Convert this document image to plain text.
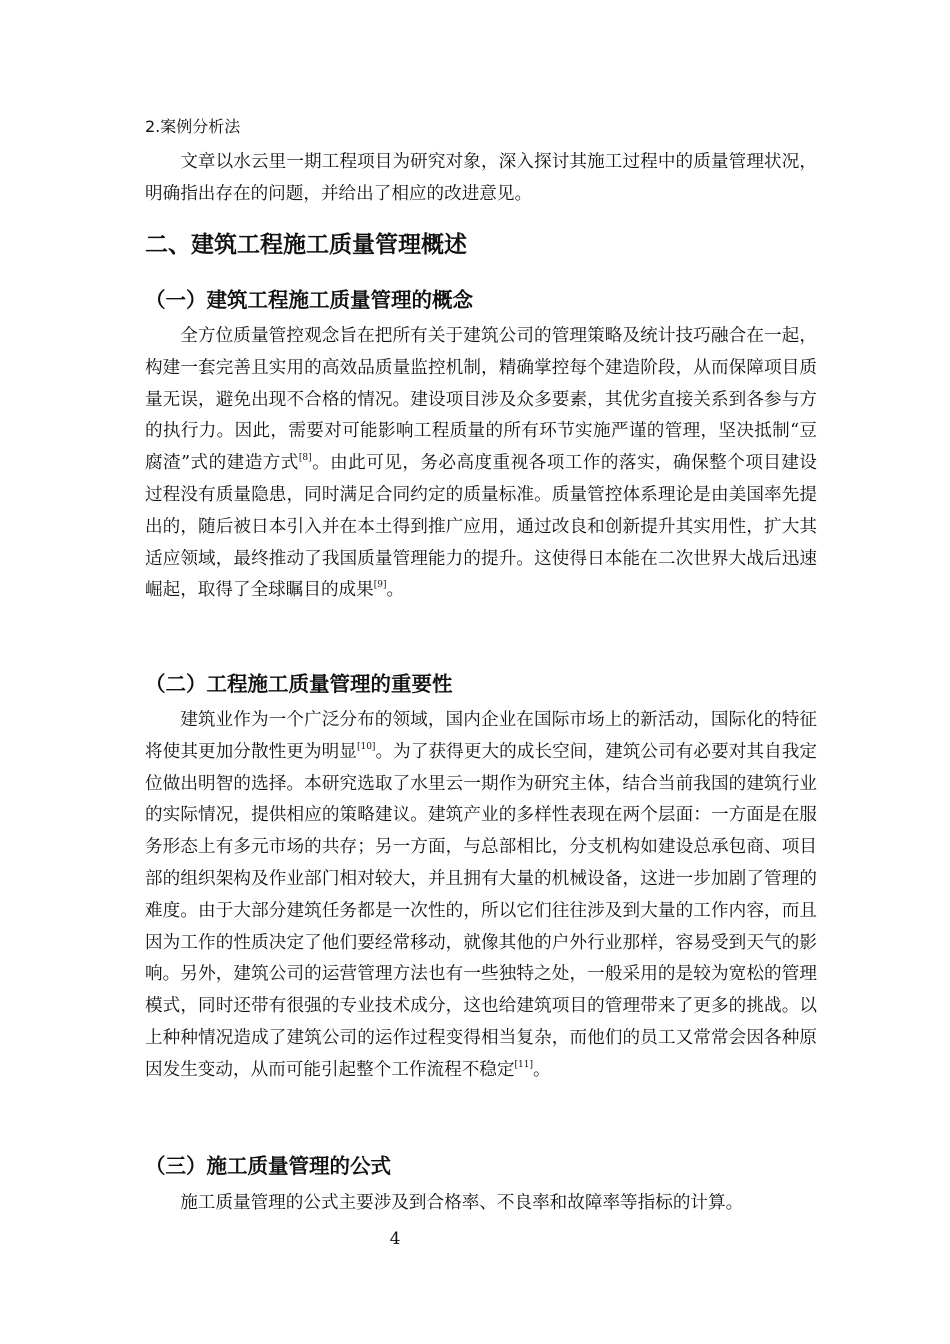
2.案例分析法

文章以水云里一期工程项目为研究对象，深入探讨其施工过程中的质量管理状况，明确指出存在的问题，并给出了相应的改进意见。

二、建筑工程施工质量管理概述
（一）建筑工程施工质量管理的概念

全方位质量管控观念旨在把所有关于建筑公司的管理策略及统计技巧融合在一起，构建一套完善且实用的高效品质量监控机制，精确掌控每个建造阶段，从而保障项目质量无误，避免出现不合格的情况。建设项目涉及众多要素，其优劣直接关系到各参与方的执行力。因此，需要对可能影响工程质量的所有环节实施严谨的管理，坚决抵制“豆腐渣”式的建造方式[8]。由此可见，务必高度重视各项工作的落实，确保整个项目建设过程没有质量隐患，同时满足合同约定的质量标准。质量管控体系理论是由美国率先提出的，随后被日本引入并在本土得到推广应用，通过改良和创新提升其实用性，扩大其适应领域，最终推动了我国质量管理能力的提升。这使得日本能在二次世界大战后迅速崛起，取得了全球瞩目的成果[9]。

（二）工程施工质量管理的重要性

建筑业作为一个广泛分布的领域，国内企业在国际市场上的新活动，国际化的特征将使其更加分散性更为明显[10]。为了获得更大的成长空间，建筑公司有必要对其自我定位做出明智的选择。本研究选取了水里云一期作为研究主体，结合当前我国的建筑行业的实际情况，提供相应的策略建议。建筑产业的多样性表现在两个层面：一方面是在服务形态上有多元市场的共存；另一方面，与总部相比，分支机构如建设总承包商、项目部的组织架构及作业部门相对较大，并且拥有大量的机械设备，这进一步加剧了管理的难度。由于大部分建筑任务都是一次性的，所以它们往往涉及到大量的工作内容，而且因为工作的性质决定了他们要经常移动，就像其他的户外行业那样，容易受到天气的影响。另外，建筑公司的运营管理方法也有一些独特之处，一般采用的是较为宽松的管理模式，同时还带有很强的专业技术成分，这也给建筑项目的管理带来了更多的挑战。以上种种情况造成了建筑公司的运作过程变得相当复杂，而他们的员工又常常会因各种原因发生变动，从而可能引起整个工作流程不稳定[11]。

（三）施工质量管理的公式

施工质量管理的公式主要涉及到合格率、不良率和故障率等指标的计算。

4
